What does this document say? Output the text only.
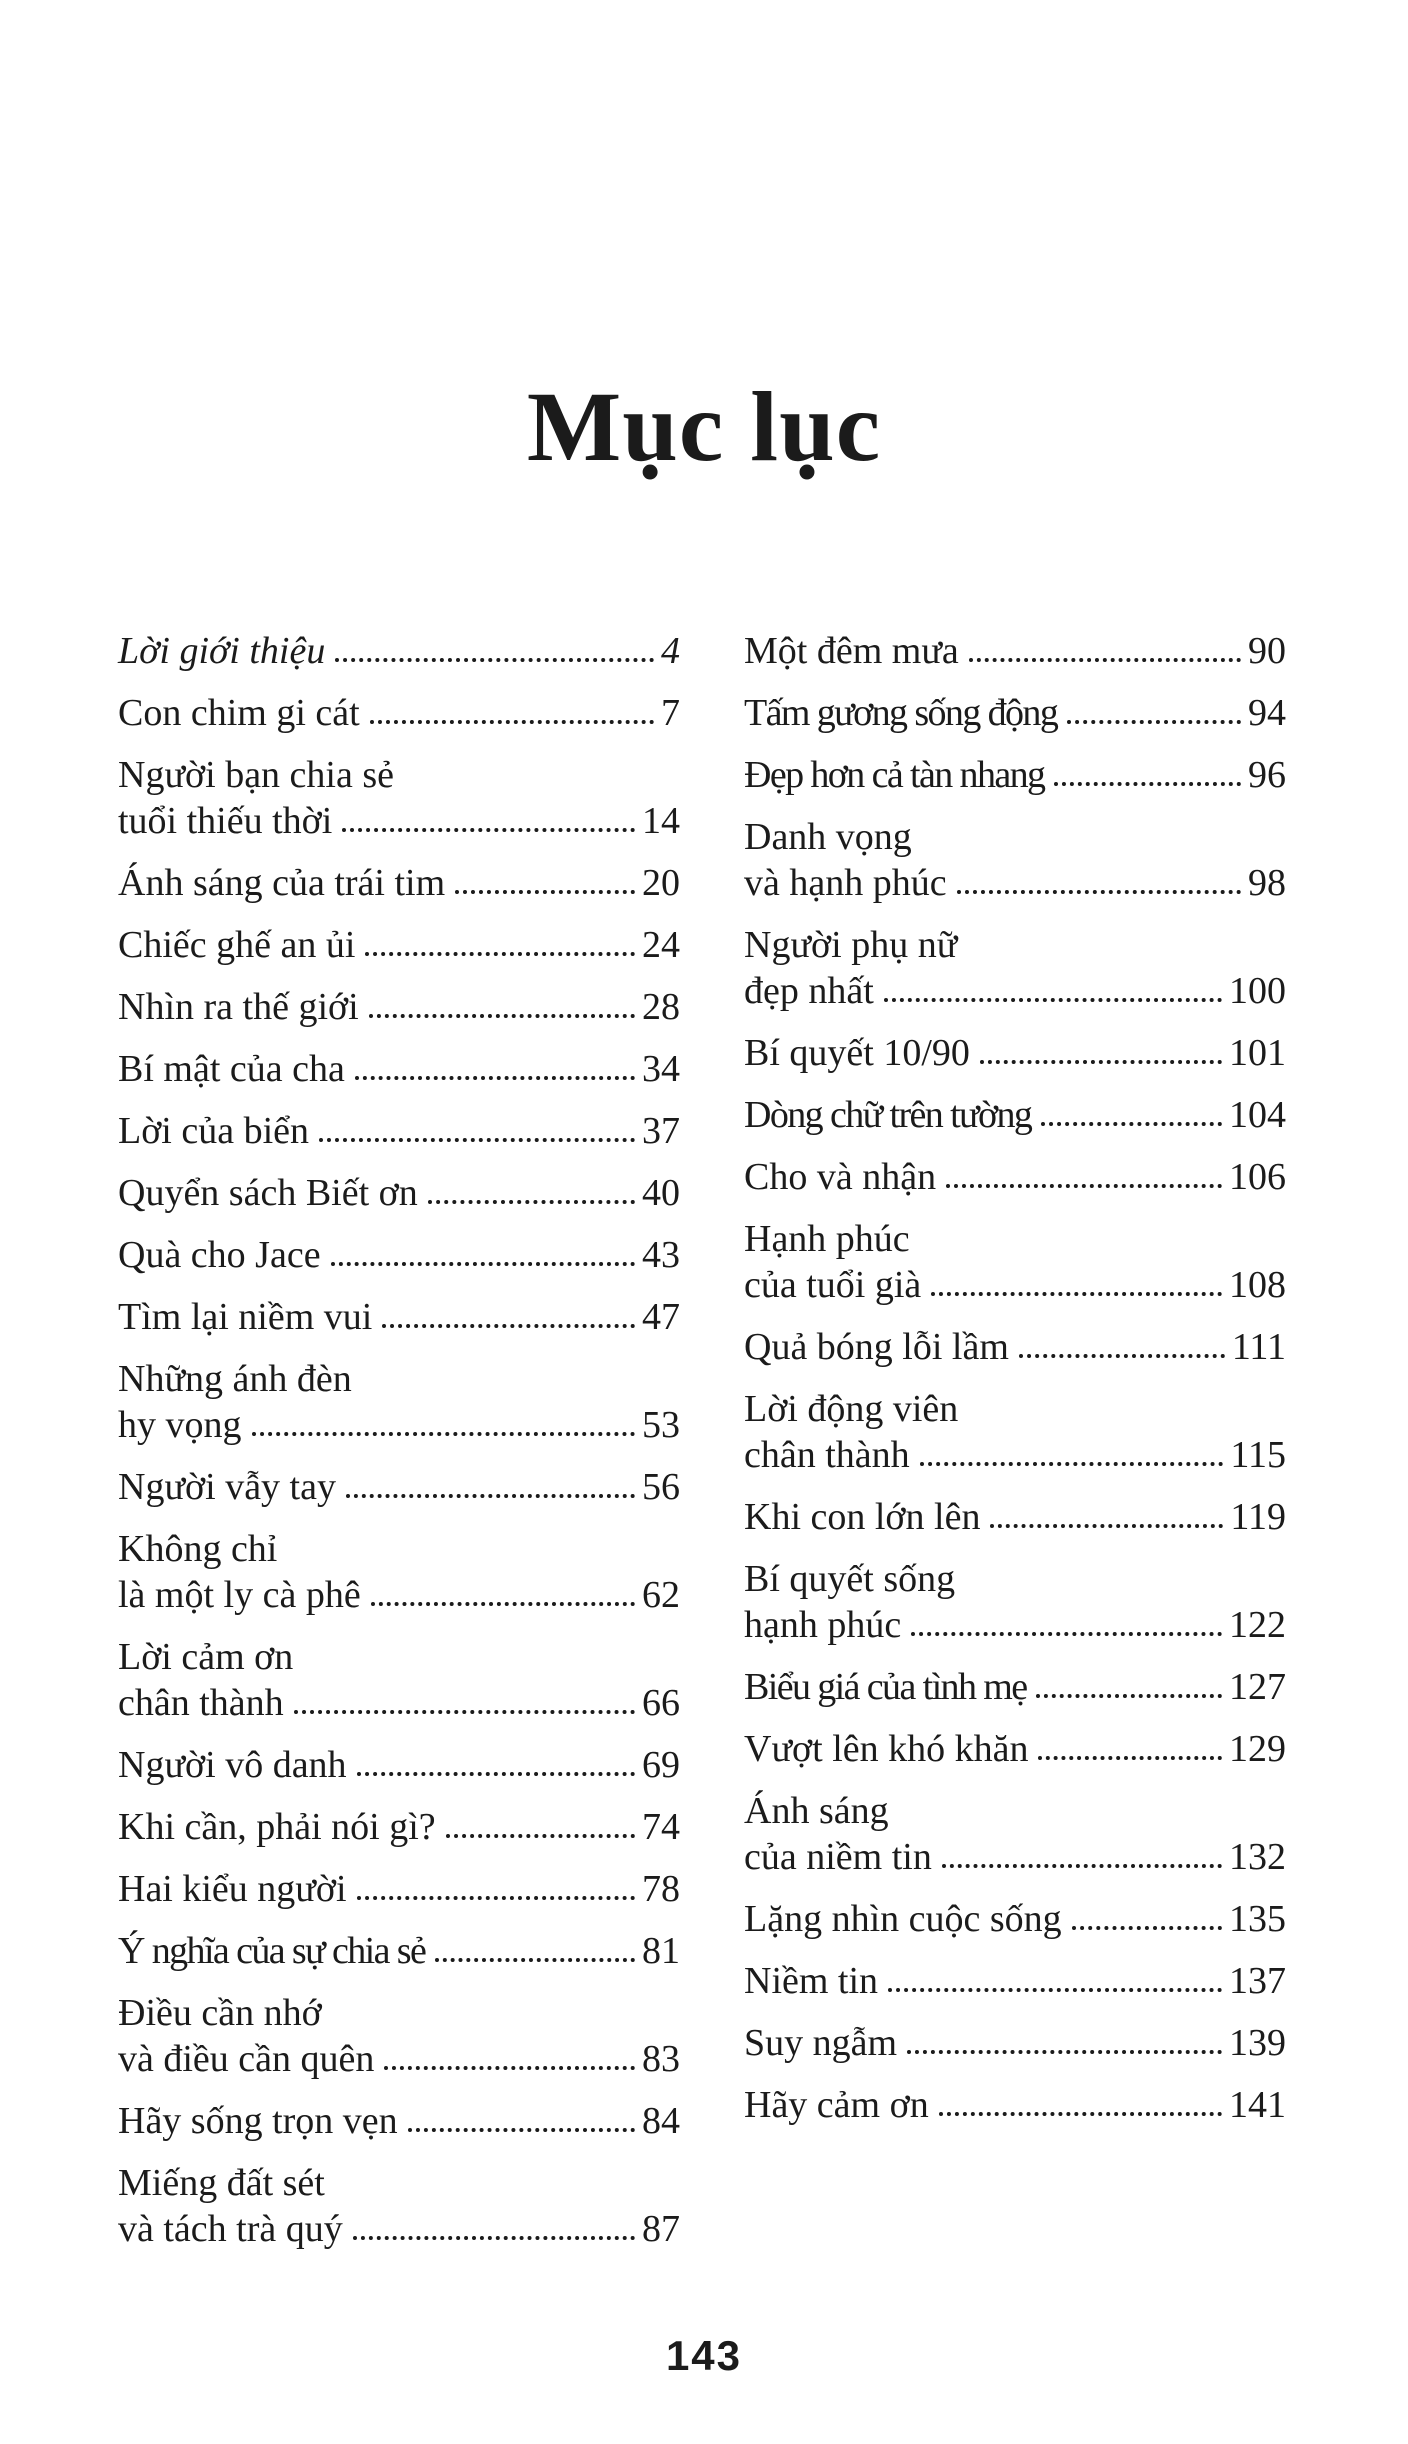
Mục lục
Lời giới thiệu	4
Con chim gi cát	7
Người bạn chia sẻ
tuổi thiếu thời	14
Ánh sáng của trái tim	20
Chiếc ghế an ủi	24
Nhìn ra thế giới	28
Bí mật của cha	34
Lời của biển	37
Quyển sách Biết ơn	40
Quà cho Jace	43
Tìm lại niềm vui	47
Những ánh đèn
hy vọng	53
Người vẫy tay	56
Không chỉ
là một ly cà phê	62
Lời cảm ơn
chân thành	66
Người vô danh	69
Khi cần, phải nói gì?	74
Hai kiểu người	78
Ý nghĩa của sự chia sẻ	81
Điều cần nhớ
và điều cần quên	83
Hãy sống trọn vẹn	84
Miếng đất sét
và tách trà quý	87
Một đêm mưa	90
Tấm gương sống động	94
Đẹp hơn cả tàn nhang	96
Danh vọng
và hạnh phúc	98
Người phụ nữ
đẹp nhất	100
Bí quyết 10/90	101
Dòng chữ trên tường	104
Cho và nhận	106
Hạnh phúc
của tuổi già	108
Quả bóng lỗi lầm	111
Lời động viên
chân thành	115
Khi con lớn lên	119
Bí quyết sống
hạnh phúc	122
Biểu giá của tình mẹ	127
Vượt lên khó khăn	129
Ánh sáng
của niềm tin	132
Lặng nhìn cuộc sống	135
Niềm tin	137
Suy ngẫm	139
Hãy cảm ơn	141
143
